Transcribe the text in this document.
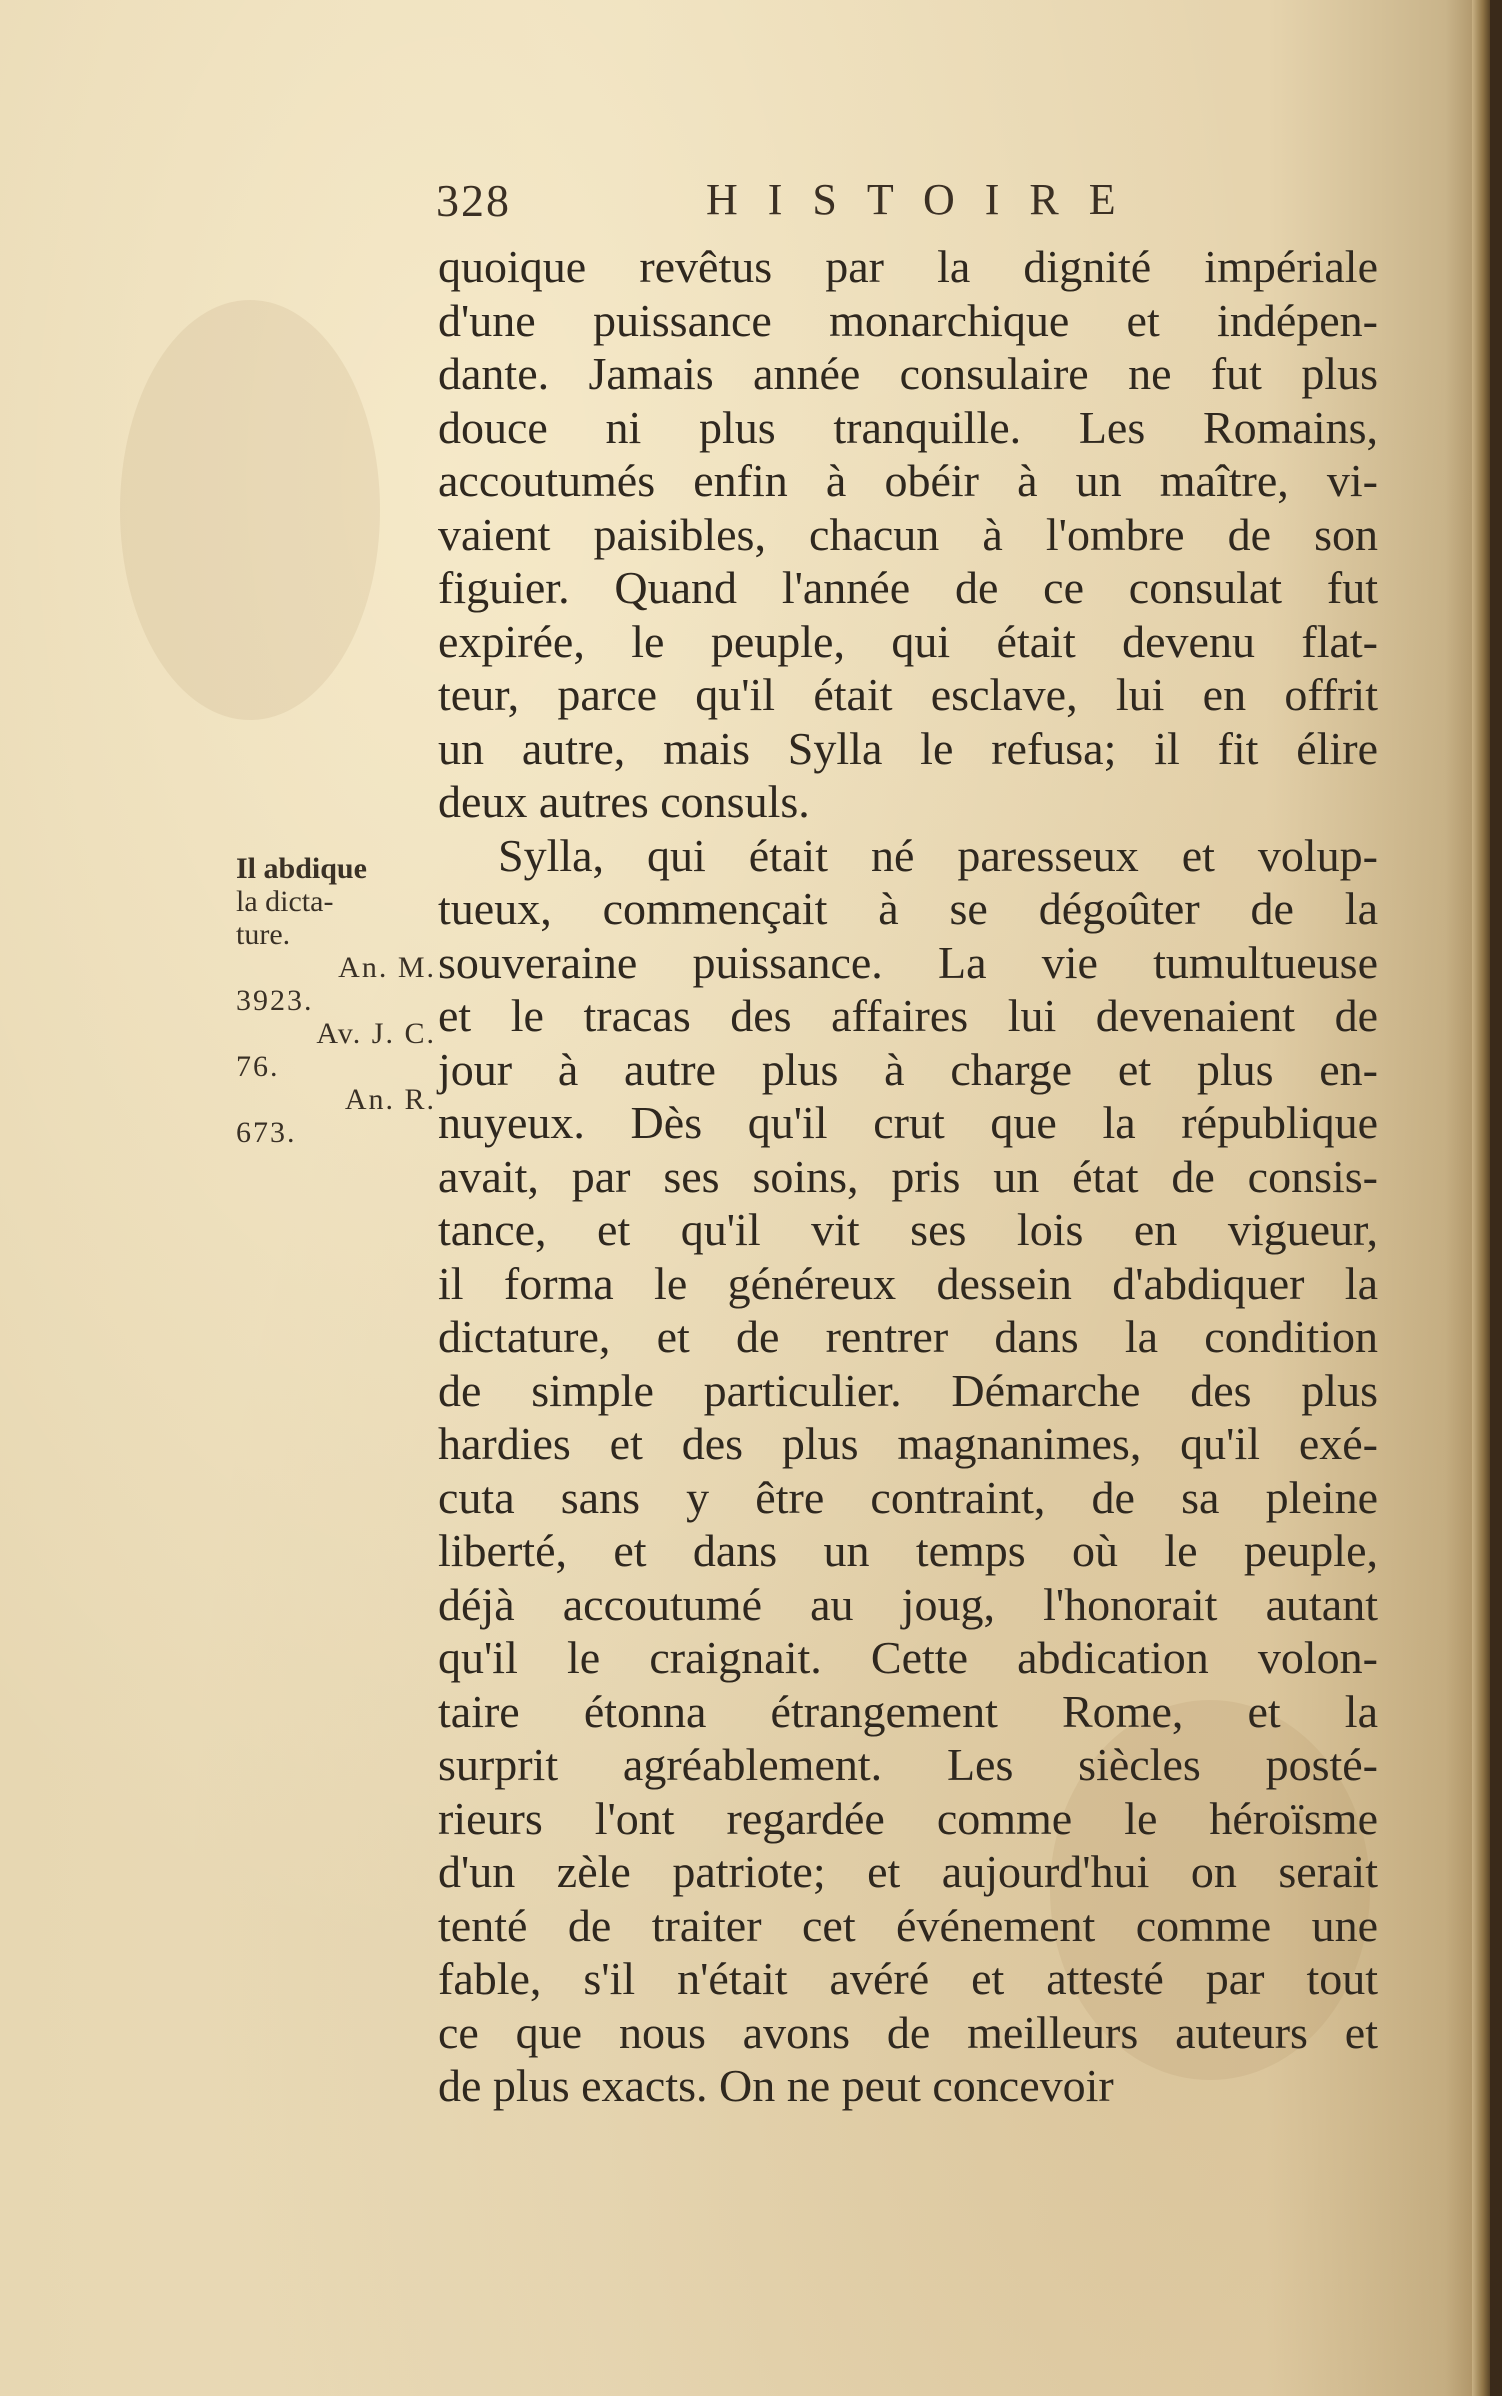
328	HISTOIRE
Il abdique
la dicta-
ture.
An. M.
3923.
Av. J. C.
76.
An. R.
673.
quoique revêtus par la dignité impériale
d'une puissance monarchique et indépen-
dante. Jamais année consulaire ne fut plus
douce ni plus tranquille. Les Romains,
accoutumés enfin à obéir à un maître, vi-
vaient paisibles, chacun à l'ombre de son
figuier. Quand l'année de ce consulat fut
expirée, le peuple, qui était devenu flat-
teur, parce qu'il était esclave, lui en offrit
un autre, mais Sylla le refusa; il fit élire
deux autres consuls.
Sylla, qui était né paresseux et volup-
tueux, commençait à se dégoûter de la
souveraine puissance. La vie tumultueuse
et le tracas des affaires lui devenaient de
jour à autre plus à charge et plus en-
nuyeux. Dès qu'il crut que la république
avait, par ses soins, pris un état de consis-
tance, et qu'il vit ses lois en vigueur,
il forma le généreux dessein d'abdiquer la
dictature, et de rentrer dans la condition
de simple particulier. Démarche des plus
hardies et des plus magnanimes, qu'il exé-
cuta sans y être contraint, de sa pleine
liberté, et dans un temps où le peuple,
déjà accoutumé au joug, l'honorait autant
qu'il le craignait. Cette abdication volon-
taire étonna étrangement Rome, et la
surprit agréablement. Les siècles posté-
rieurs l'ont regardée comme le héroïsme
d'un zèle patriote; et aujourd'hui on serait
tenté de traiter cet événement comme une
fable, s'il n'était avéré et attesté par tout
ce que nous avons de meilleurs auteurs et
de plus exacts. On ne peut concevoir
